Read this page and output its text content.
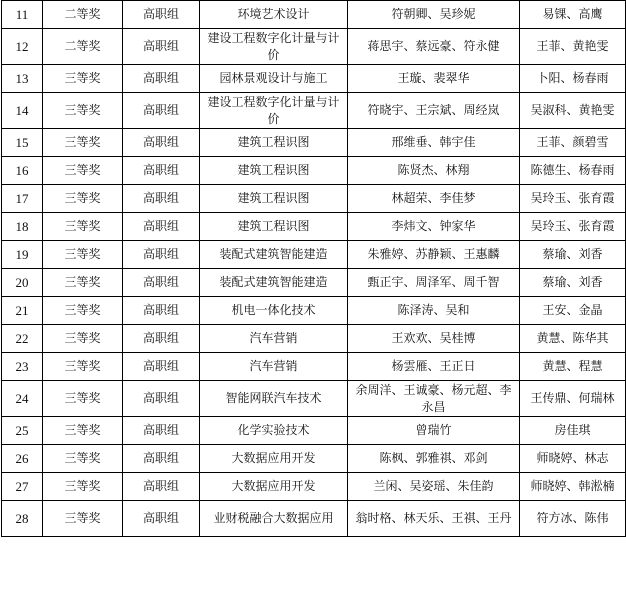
11	二等奖	高职组	环境艺术设计	符朝卿、吴珍妮	易锞、高鹰
12	二等奖	高职组	建设工程数字化计量与计价	蒋思宇、蔡远豪、符永健	王菲、黄艳雯
13	三等奖	高职组	园林景观设计与施工	王璇、裴翠华	卜阳、杨春雨
14	三等奖	高职组	建设工程数字化计量与计价	符晓宇、王宗斌、周经岚	吴淑科、黄艳雯
15	三等奖	高职组	建筑工程识图	邢维垂、韩宇佳	王菲、颜碧雪
16	三等奖	高职组	建筑工程识图	陈贤杰、林翔	陈德生、杨春雨
17	三等奖	高职组	建筑工程识图	林超荣、李佳梦	吴玲玉、张育霞
18	三等奖	高职组	建筑工程识图	李炜文、钟家华	吴玲玉、张育霞
19	三等奖	高职组	装配式建筑智能建造	朱雅婷、苏静颖、王惠麟	蔡瑜、刘香
20	三等奖	高职组	装配式建筑智能建造	甄正宇、周泽军、周千智	蔡瑜、刘香
21	三等奖	高职组	机电一体化技术	陈泽涛、吴和	王安、金晶
22	三等奖	高职组	汽车营销	王欢欢、吴桂博	黄慧、陈华其
23	三等奖	高职组	汽车营销	杨雲雁、王正日	黄慧、程慧
24	三等奖	高职组	智能网联汽车技术	余周洋、王诚豪、杨元超、李永昌	王传鼎、何瑞林
25	三等奖	高职组	化学实验技术	曾瑞竹	房佳琪
26	三等奖	高职组	大数据应用开发	陈枫、郭雅祺、邓剑	师晓婷、林志
27	三等奖	高职组	大数据应用开发	兰闲、吴姿瑶、朱佳韵	师晓婷、韩淞楠
28	三等奖	高职组	业财税融合大数据应用	翁时格、林天乐、王祺、王丹	符方冰、陈伟
